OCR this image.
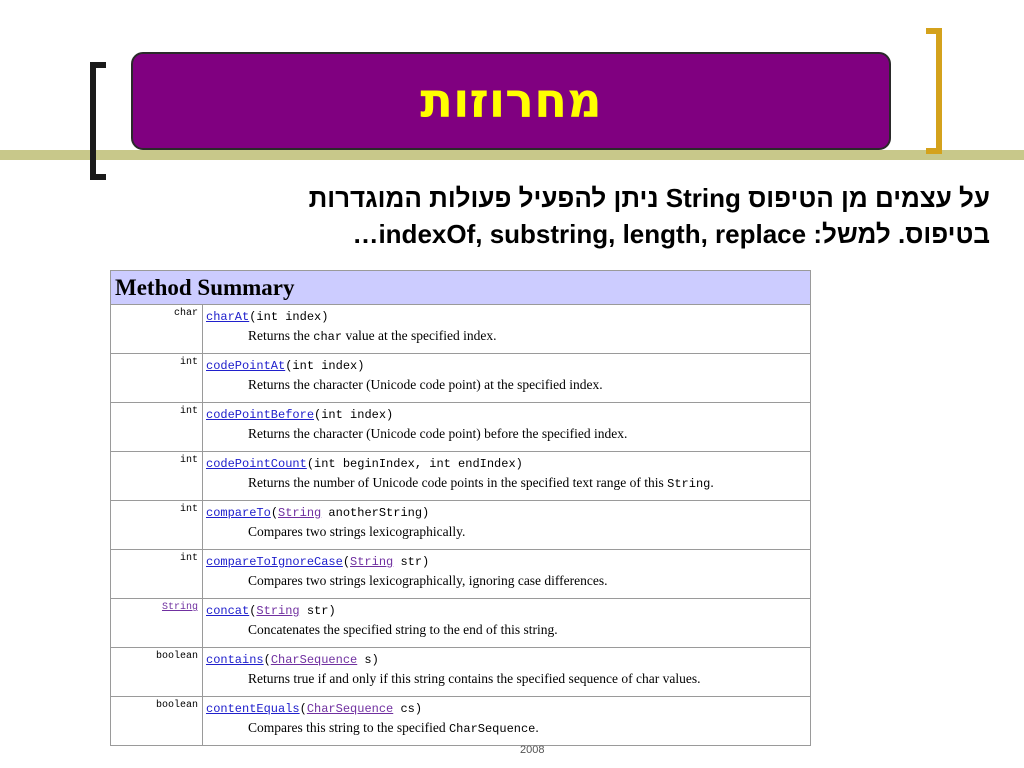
מחרוזות
על עצמים מן הטיפוס String ניתן להפעיל פעולות המוגדרות
בטיפוס. למשל: indexOf, substring, length, replace…
Method Summary	
char	charAt(int index)
Returns the char value at the specified index.

int	codePointAt(int index)
Returns the character (Unicode code point) at the specified index.

int	codePointBefore(int index)
Returns the character (Unicode code point) before the specified index.

int	codePointCount(int beginIndex, int endIndex)
Returns the number of Unicode code points in the specified text range of this String.

int	compareTo(String anotherString)
Compares two strings lexicographically.

int	compareToIgnoreCase(String str)
Compares two strings lexicographically, ignoring case differences.

String	concat(String str)
Concatenates the specified string to the end of this string.

boolean	contains(CharSequence s)
Returns true if and only if this string contains the specified sequence of char values.

boolean	contentEquals(CharSequence cs)
Compares this string to the specified CharSequence.
2008
